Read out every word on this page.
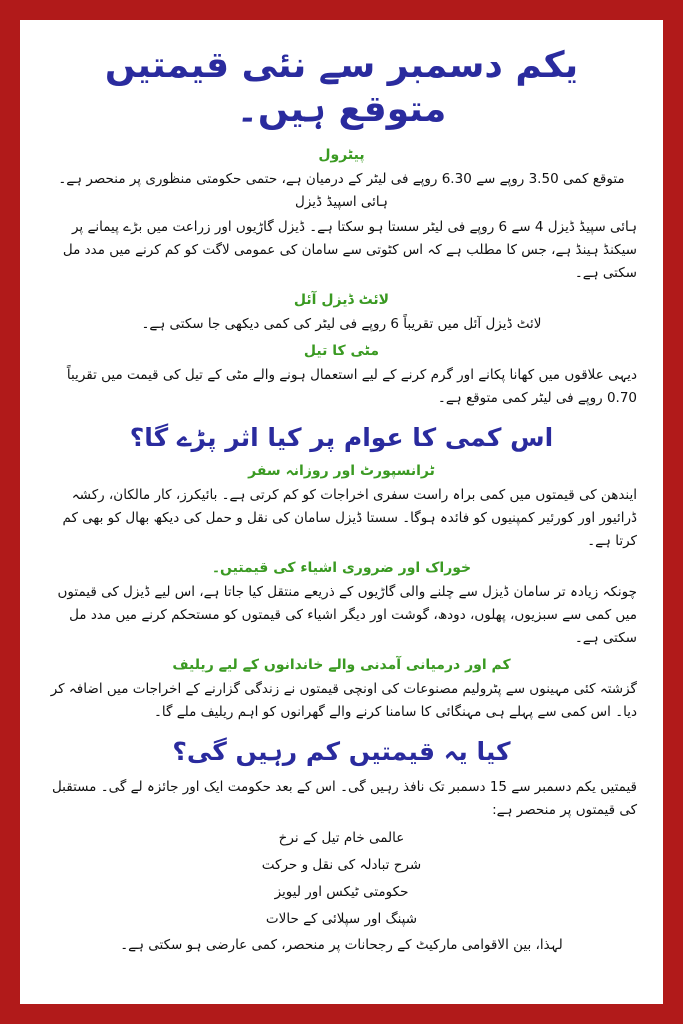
یکم دسمبر سے نئی قیمتیں متوقع ہیں۔
پیٹرول

متوقع کمی 3.50 روپے سے 6.30 روپے فی لیٹر کے درمیان ہے، حتمی حکومتی منظوری پر منحصر ہے۔

ہائی اسپیڈ ڈیزل

ہائی سپیڈ ڈیزل 4 سے 6 روپے فی لیٹر سستا ہو سکتا ہے۔ ڈیزل گاڑیوں اور زراعت میں بڑے پیمانے پر سیکنڈ ہینڈ ہے، جس کا مطلب ہے کہ اس کٹوتی سے سامان کی عمومی لاگت کو کم کرنے میں مدد مل سکتی ہے۔

لائٹ ڈیزل آئل

لائٹ ڈیزل آئل میں تقریباً 6 روپے فی لیٹر کی کمی دیکھی جا سکتی ہے۔

مٹی کا تیل

دیہی علاقوں میں کھانا پکانے اور گرم کرنے کے لیے استعمال ہونے والے مٹی کے تیل کی قیمت میں تقریباً 0.70 روپے فی لیٹر کمی متوقع ہے۔

اس کمی کا عوام پر کیا اثر پڑے گا؟
ٹرانسپورٹ اور روزانہ سفر

ایندھن کی قیمتوں میں کمی براہ راست سفری اخراجات کو کم کرتی ہے۔ بائیکرز، کار مالکان، رکشہ ڈرائیور اور کورئیر کمپنیوں کو فائدہ ہوگا۔ سستا ڈیزل سامان کی نقل و حمل کی دیکھ بھال کو بھی کم کرتا ہے۔

خوراک اور ضروری اشیاء کی قیمتیں۔

چونکہ زیادہ تر سامان ڈیزل سے چلنے والی گاڑیوں کے ذریعے منتقل کیا جاتا ہے، اس لیے ڈیزل کی قیمتوں میں کمی سے سبزیوں، پھلوں، دودھ، گوشت اور دیگر اشیاء کی قیمتوں کو مستحکم کرنے میں مدد مل سکتی ہے۔

کم اور درمیانی آمدنی والے خاندانوں کے لیے ریلیف

گزشتہ کئی مہینوں سے پٹرولیم مصنوعات کی اونچی قیمتوں نے زندگی گزارنے کے اخراجات میں اضافہ کر دیا۔ اس کمی سے پہلے ہی مہنگائی کا سامنا کرنے والے گھرانوں کو اہم ریلیف ملے گا۔

کیا یہ قیمتیں کم رہیں گی؟

قیمتیں یکم دسمبر سے 15 دسمبر تک نافذ رہیں گی۔ اس کے بعد حکومت ایک اور جائزہ لے گی۔ مستقبل کی قیمتوں پر منحصر ہے:

عالمی خام تیل کے نرخ

شرح تبادلہ کی نقل و حرکت

حکومتی ٹیکس اور لیویز

شپنگ اور سپلائی کے حالات

لہذا، بین الاقوامی مارکیٹ کے رجحانات پر منحصر، کمی عارضی ہو سکتی ہے۔
